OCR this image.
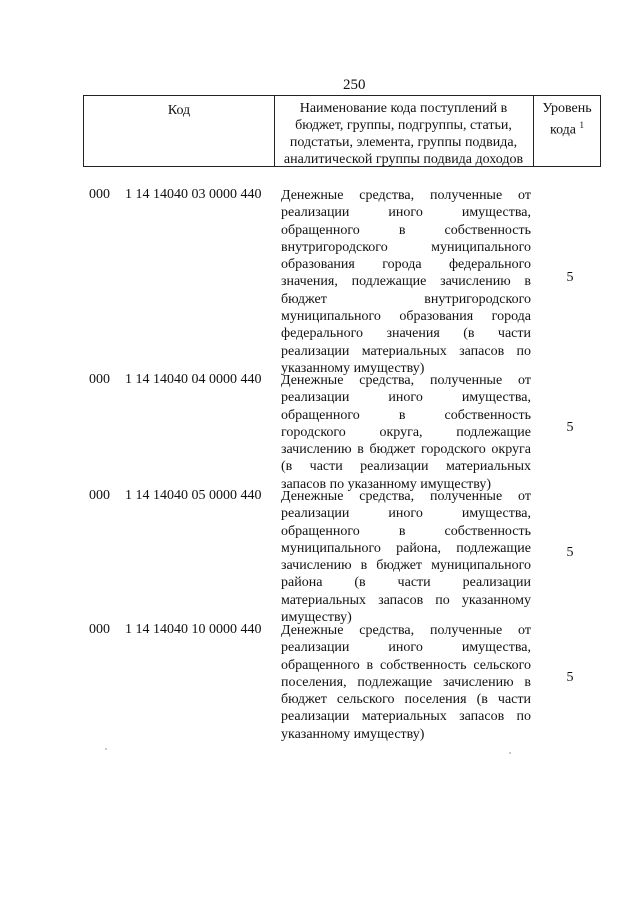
250
Код	Наименование кода поступлений в
бюджет, группы, подгруппы, статьи,
подстатьи, элемента, группы подвида,
аналитической группы подвида доходов
Уровень
кода $^1$
000	1 14 14040 03 0000 440	Денежные средства, полученные от
реализации иного имущества,
обращенного в собственность
внутригородского муниципального
образования города федерального
значения, подлежащие зачислению в
бюджет внутригородского
муниципального образования города
федерального значения (в части
реализации материальных запасов по
указанному имуществу)
5
000	1 14 14040 04 0000 440	Денежные средства, полученные от
реализации иного имущества,
обращенного в собственность
городского округа, подлежащие
зачислению в бюджет городского округа
(в части реализации материальных
запасов по указанному имуществу)
5
000	1 14 14040 05 0000 440	Денежные средства, полученные от
реализации иного имущества,
обращенного в собственность
муниципального района, подлежащие
зачислению в бюджет муниципального
района (в части реализации
материальных запасов по указанному
имуществу)
5
000	1 14 14040 10 0000 440	Денежные средства, полученные от
реализации иного имущества,
обращенного в собственность сельского
поселения, подлежащие зачислению в
бюджет сельского поселения (в части
реализации материальных запасов по
указанному имуществу)
5
